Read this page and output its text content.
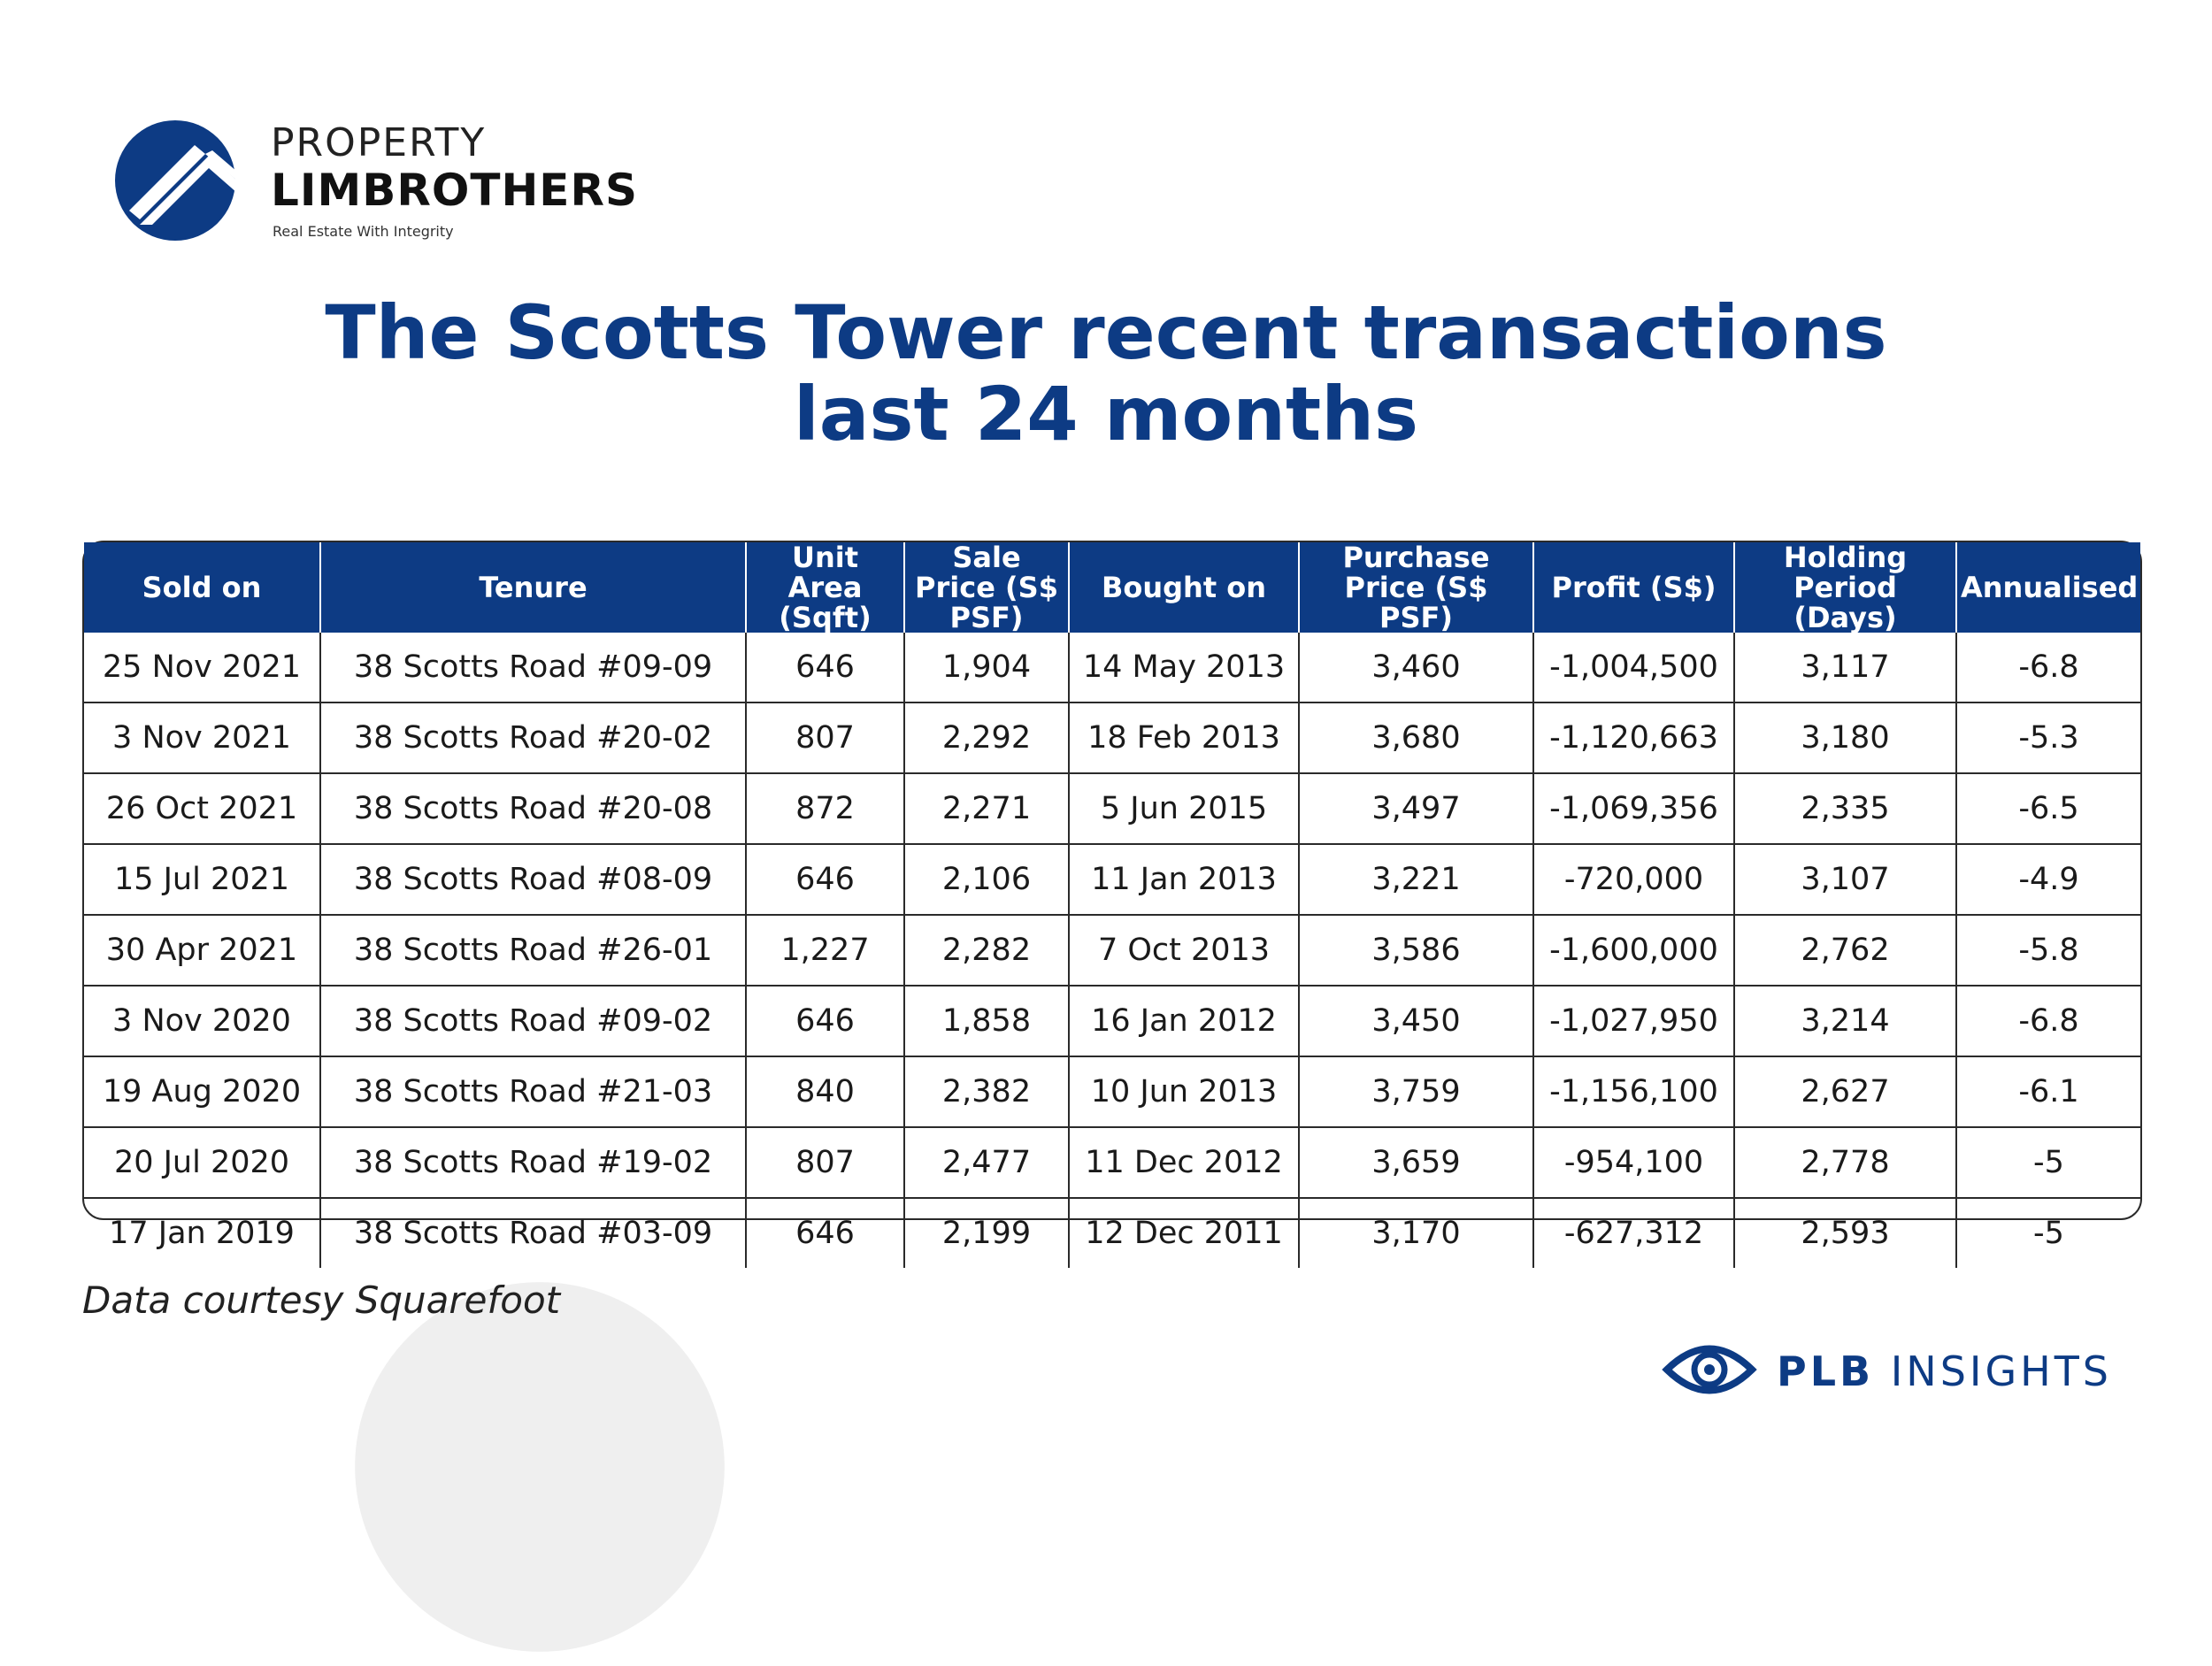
PROPERTY
LIMBROTHERS
Real Estate With Integrity
The Scotts Tower recent transactions
last 24 months
Sold on	Tenure	Unit Area (Sqft)	Sale Price (S$ PSF)	Bought on	Purchase Price (S$ PSF)	Profit (S$)	Holding Period (Days)	Annualised
25 Nov 2021	38 Scotts Road #09-09	646	1,904	14 May 2013	3,460	-1,004,500	3,117	-6.8
3 Nov 2021	38 Scotts Road #20-02	807	2,292	18 Feb 2013	3,680	-1,120,663	3,180	-5.3
26 Oct 2021	38 Scotts Road #20-08	872	2,271	5 Jun 2015	3,497	-1,069,356	2,335	-6.5
15 Jul 2021	38 Scotts Road #08-09	646	2,106	11 Jan 2013	3,221	-720,000	3,107	-4.9
30 Apr 2021	38 Scotts Road #26-01	1,227	2,282	7 Oct 2013	3,586	-1,600,000	2,762	-5.8
3 Nov 2020	38 Scotts Road #09-02	646	1,858	16 Jan 2012	3,450	-1,027,950	3,214	-6.8
19 Aug 2020	38 Scotts Road #21-03	840	2,382	10 Jun 2013	3,759	-1,156,100	2,627	-6.1
20 Jul 2020	38 Scotts Road #19-02	807	2,477	11 Dec 2012	3,659	-954,100	2,778	-5
17 Jan 2019	38 Scotts Road #03-09	646	2,199	12 Dec 2011	3,170	-627,312	2,593	-5
Data courtesy Squarefoot
PLB INSIGHTS
